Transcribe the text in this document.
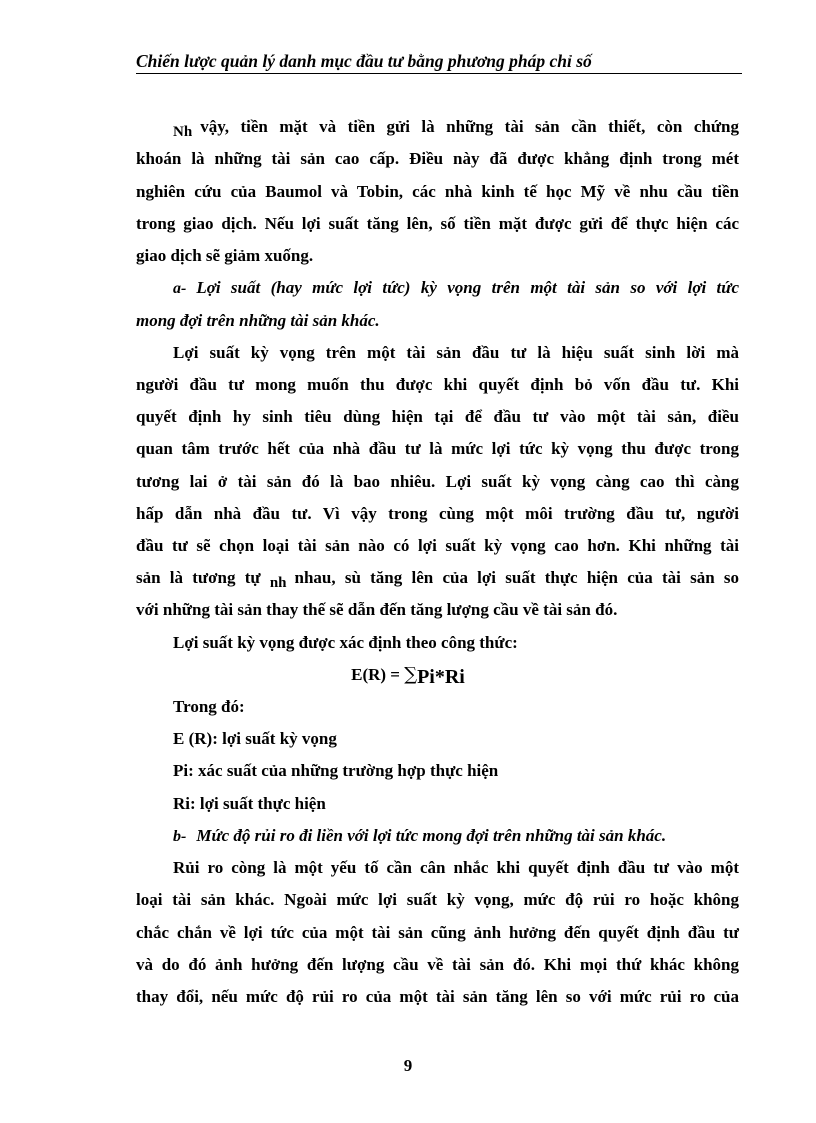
Chiến lược quản lý danh mục đầu tư bằng phương pháp chỉ số
Nh vậy, tiền mặt và tiền gửi là những tài sản cần thiết, còn chứng
khoán là những tài sản cao cấp. Điều này đã được khẳng định trong mét
nghiên cứu của Baumol và Tobin, các nhà kinh tế học Mỹ về nhu cầu tiền
trong giao dịch. Nếu lợi suất tăng lên, số tiền mặt được gửi để thực hiện các
giao dịch sẽ giảm xuống.
a- Lợi suất (hay mức lợi tức) kỳ vọng trên một tài sản so với lợi tức
mong đợi trên những tài sản khác.
Lợi suất kỳ vọng trên một tài sản đầu tư là hiệu suất sinh lời mà
người đầu tư mong muốn thu được khi quyết định bỏ vốn đầu tư. Khi
quyết định hy sinh tiêu dùng hiện tại để đầu tư vào một tài sản, điều
quan tâm trước hết của nhà đầu tư là mức lợi tức kỳ vọng thu được trong
tương lai ở tài sản đó là bao nhiêu. Lợi suất kỳ vọng càng cao thì càng
hấp dẫn nhà đầu tư. Vì vậy trong cùng một môi trường đầu tư, người
đầu tư sẽ chọn loại tài sản nào có lợi suất kỳ vọng cao hơn. Khi những tài
sản là tương tự nh nhau, sù tăng lên của lợi suất thực hiện của tài sản so
với những tài sản thay thế sẽ dẫn đến tăng lượng cầu về tài sản đó.
Lợi suất kỳ vọng được xác định theo công thức:
E(R) = ∑Pi*Ri
Trong đó:
E (R): lợi suất kỳ vọng
Pi: xác suất của những trường hợp thực hiện
Ri: lợi suất thực hiện
b- Mức độ rủi ro đi liền với lợi tức mong đợi trên những tài sản khác.
Rủi ro còng là một yếu tố cần cân nhắc khi quyết định đầu tư vào một
loại tài sản khác. Ngoài mức lợi suất kỳ vọng, mức độ rủi ro hoặc không
chắc chắn về lợi tức của một tài sản cũng ảnh hưởng đến quyết định đầu tư
và do đó ảnh hưởng đến lượng cầu về tài sản đó. Khi mọi thứ khác không
thay đổi, nếu mức độ rủi ro của một tài sản tăng lên so với mức rủi ro của
9
